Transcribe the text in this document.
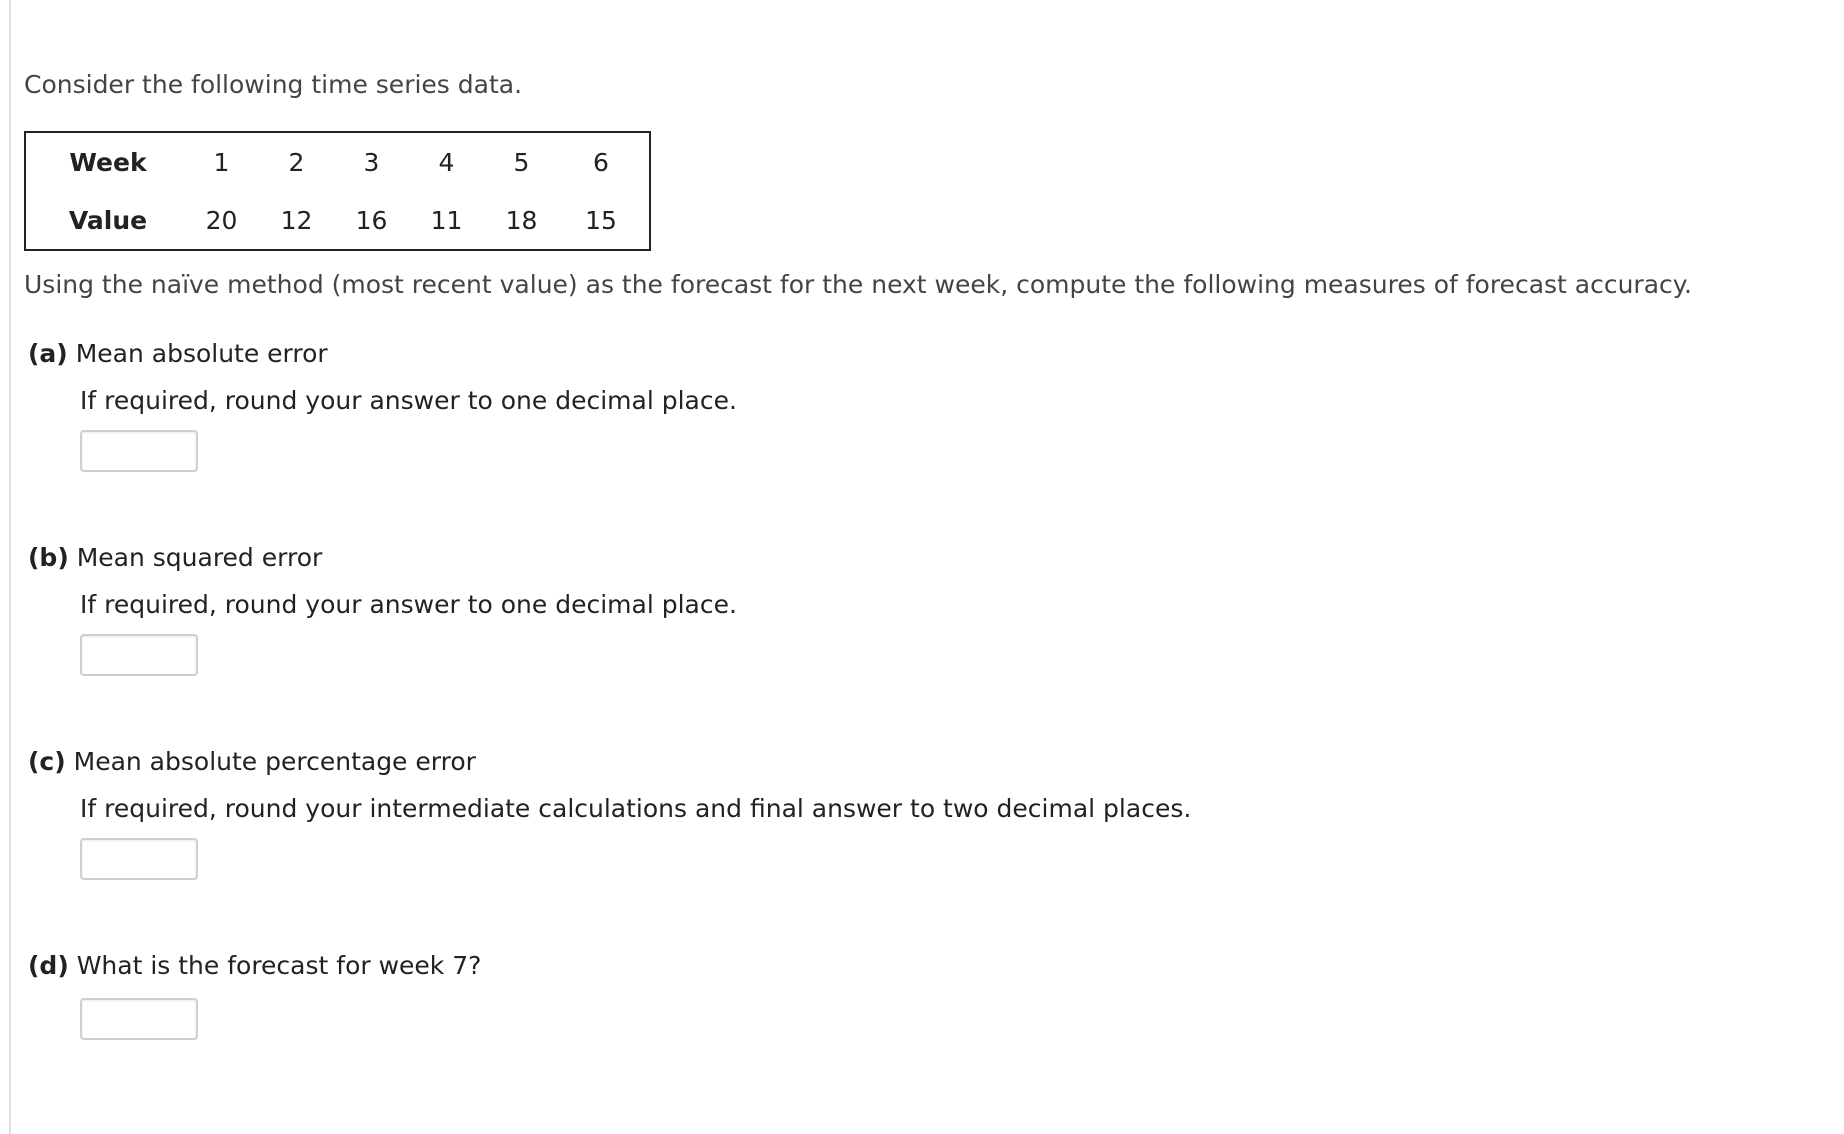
Consider the following time series data.
Week	1	2	3	4	5	6
Value	20	12	16	11	18	15
Using the naïve method (most recent value) as the forecast for the next week, compute the following measures of forecast accuracy.
(a) Mean absolute error
If required, round your answer to one decimal place.
(b) Mean squared error
If required, round your answer to one decimal place.
(c) Mean absolute percentage error
If required, round your intermediate calculations and final answer to two decimal places.
(d) What is the forecast for week 7?
